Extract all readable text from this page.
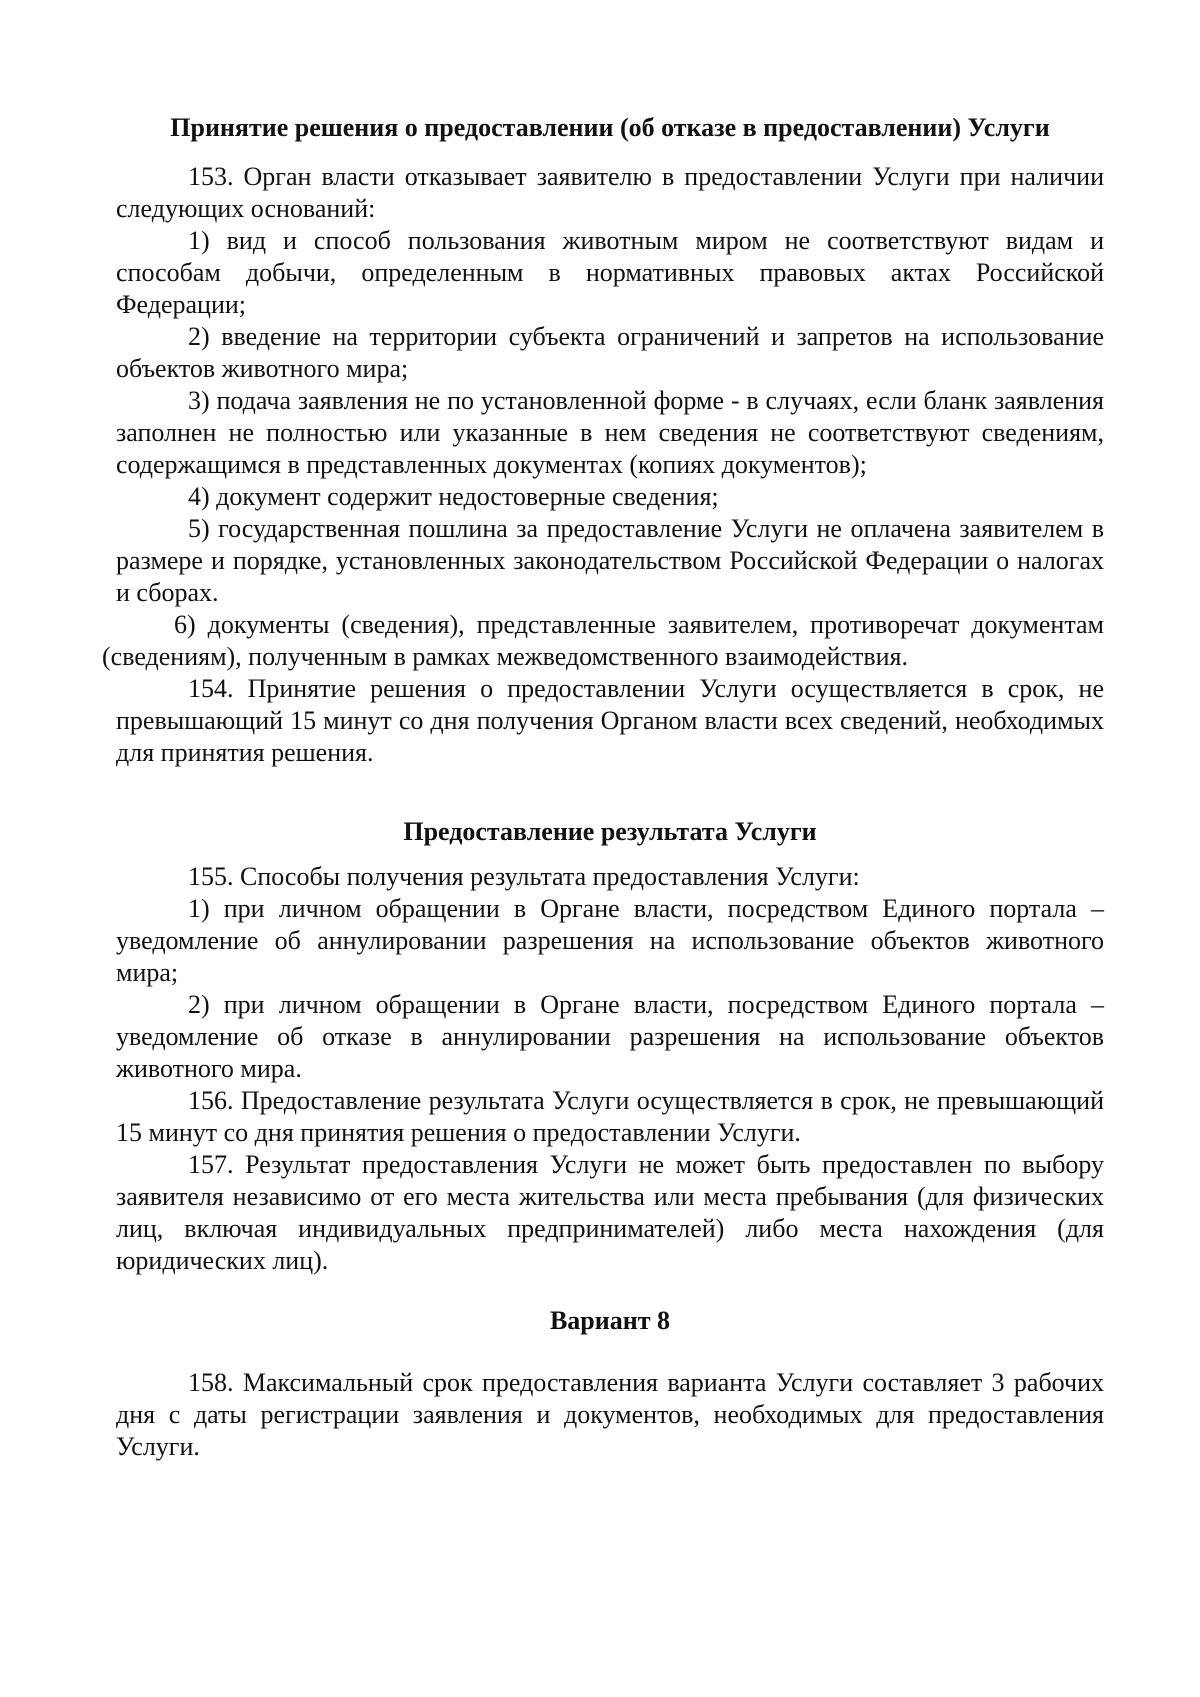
Принятие решения о предоставлении (об отказе в предоставлении) Услуги

153. Орган власти отказывает заявителю в предоставлении Услуги при наличии следующих оснований:

1) вид и способ пользования животным миром не соответствуют видам и способам добычи, определенным в нормативных правовых актах Российской Федерации;

2) введение на территории субъекта ограничений и запретов на использование объектов животного мира;

3) подача заявления не по установленной форме - в случаях, если бланк заявления заполнен не полностью или указанные в нем сведения не соответствуют сведениям, содержащимся в представленных документах (копиях документов);

4) документ содержит недостоверные сведения;

5) государственная пошлина за предоставление Услуги не оплачена заявителем в размере и порядке, установленных законодательством Российской Федерации о налогах и сборах.

6) документы (сведения), представленные заявителем, противоречат документам (сведениям), полученным в рамках межведомственного взаимодействия.

154. Принятие решения о предоставлении Услуги осуществляется в срок, не превышающий 15 минут со дня получения Органом власти всех сведений, необходимых для принятия решения.

Предоставление результата Услуги

155. Способы получения результата предоставления Услуги:

1) при личном обращении в Органе власти, посредством Единого портала – уведомление об аннулировании разрешения на использование объектов животного мира;

2) при личном обращении в Органе власти, посредством Единого портала – уведомление об отказе в аннулировании разрешения на использование объектов животного мира.

156. Предоставление результата Услуги осуществляется в срок, не превышающий 15 минут со дня принятия решения о предоставлении Услуги.

157. Результат предоставления Услуги не может быть предоставлен по выбору заявителя независимо от его места жительства или места пребывания (для физических лиц, включая индивидуальных предпринимателей) либо места нахождения (для юридических лиц).

Вариант 8

158. Максимальный срок предоставления варианта Услуги составляет 3 рабочих дня с даты регистрации заявления и документов, необходимых для предоставления Услуги.
